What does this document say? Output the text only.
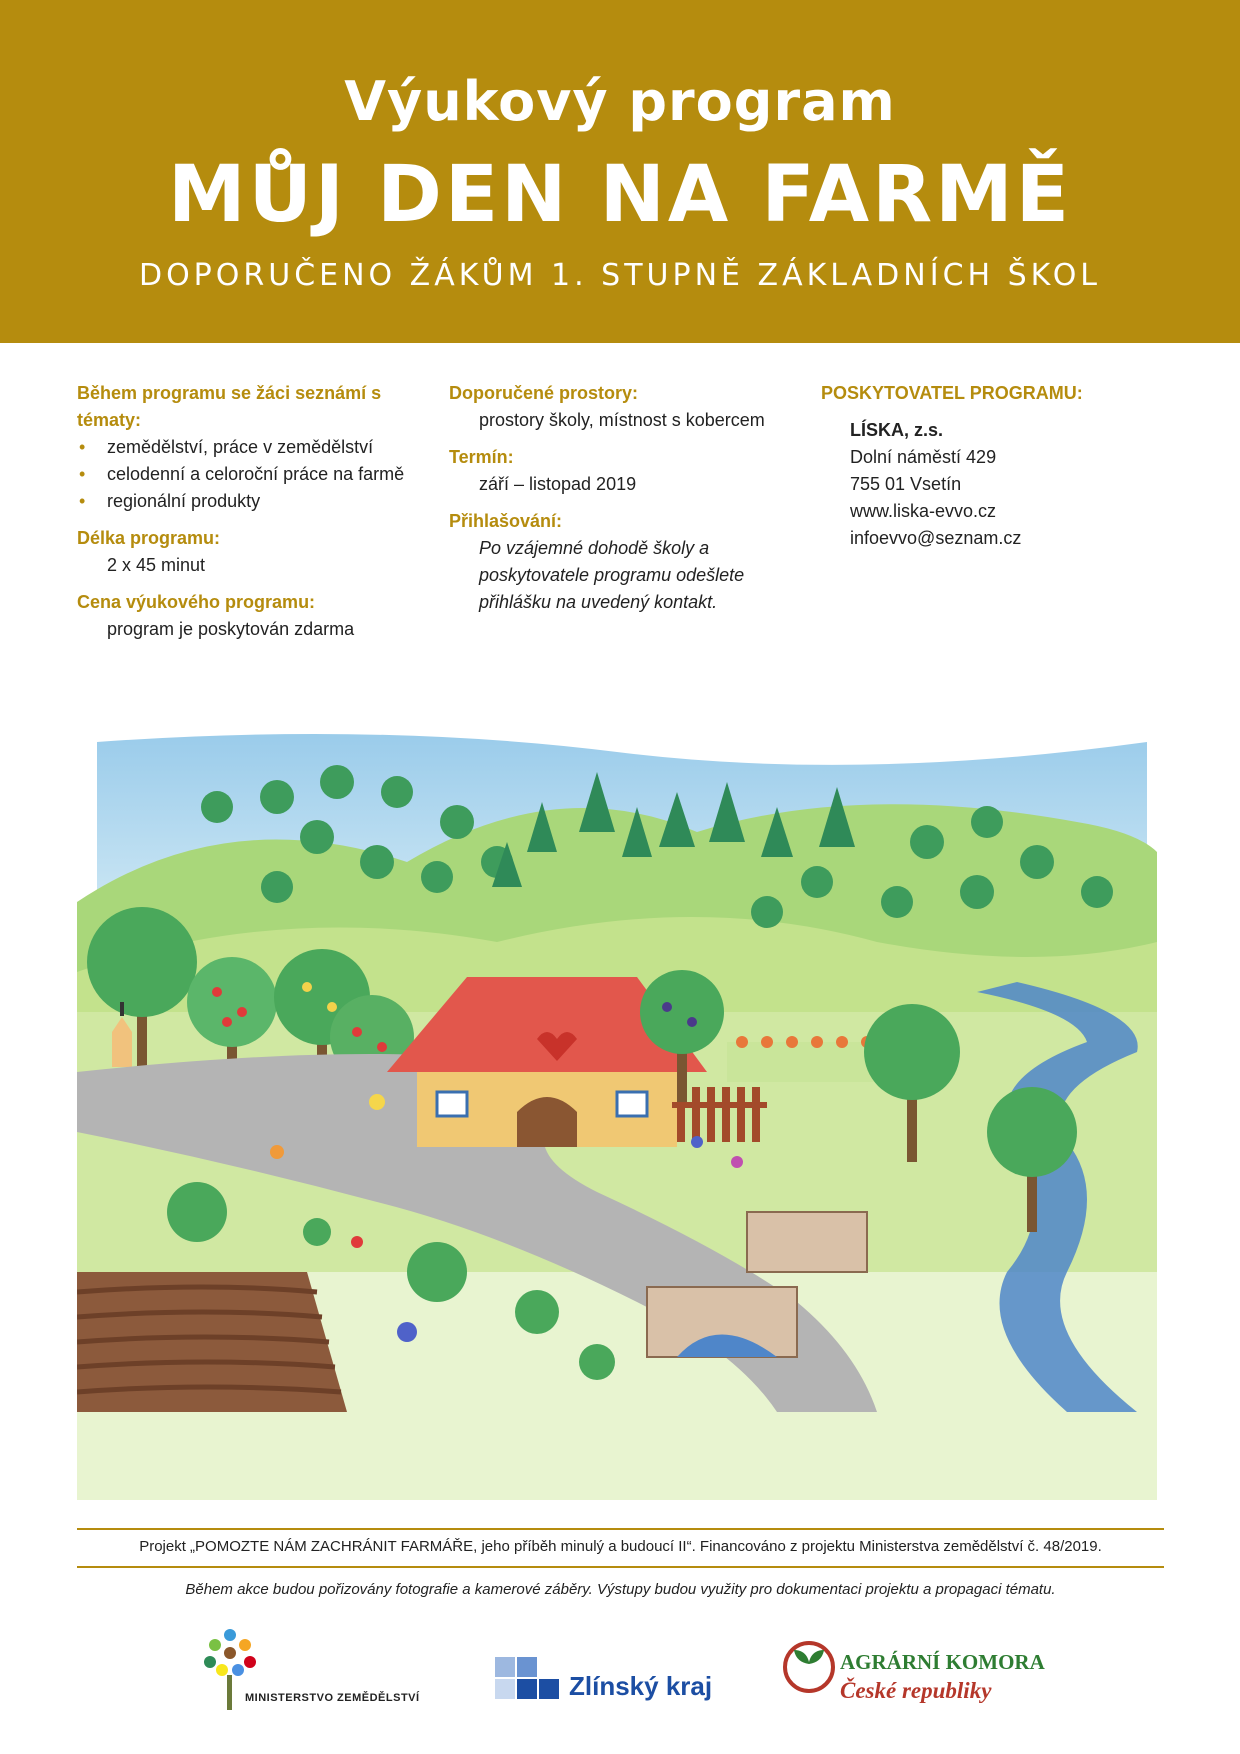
Výukový program
MŮJ DEN NA FARMĚ
DOPORUČENO ŽÁKŮM 1. STUPNĚ ZÁKLADNÍCH ŠKOL
Během programu se žáci seznámí s tématy:
• zemědělství, práce v zemědělství
• celodenní a celoroční práce na farmě
• regionální produkty
Délka programu:
2 x 45 minut
Cena výukového programu:
program je poskytován zdarma
Doporučené prostory:
prostory školy, místnost s kobercem
Termín:
září – listopad 2019
Přihlašování:
Po vzájemné dohodě školy a poskytovatele programu odešlete přihlášku na uvedený kontakt.
POSKYTOVATEL PROGRAMU:
LÍSKA, z.s.
Dolní náměstí 429
755 01 Vsetín
www.liska-evvo.cz
infoevvo@seznam.cz
Projekt „POMOZTE NÁM ZACHRÁNIT FARMÁŘE, jeho příběh minulý a budoucí II“. Financováno z projektu Ministerstva zemědělství č. 48/2019.
Během akce budou pořizovány fotografie a kamerové záběry. Výstupy budou využity pro dokumentaci projektu a propagaci tématu.
MINISTERSTVO ZEMĚDĚLSTVÍ	Zlínský kraj
AGRÁRNÍ KOMORA
České republiky
